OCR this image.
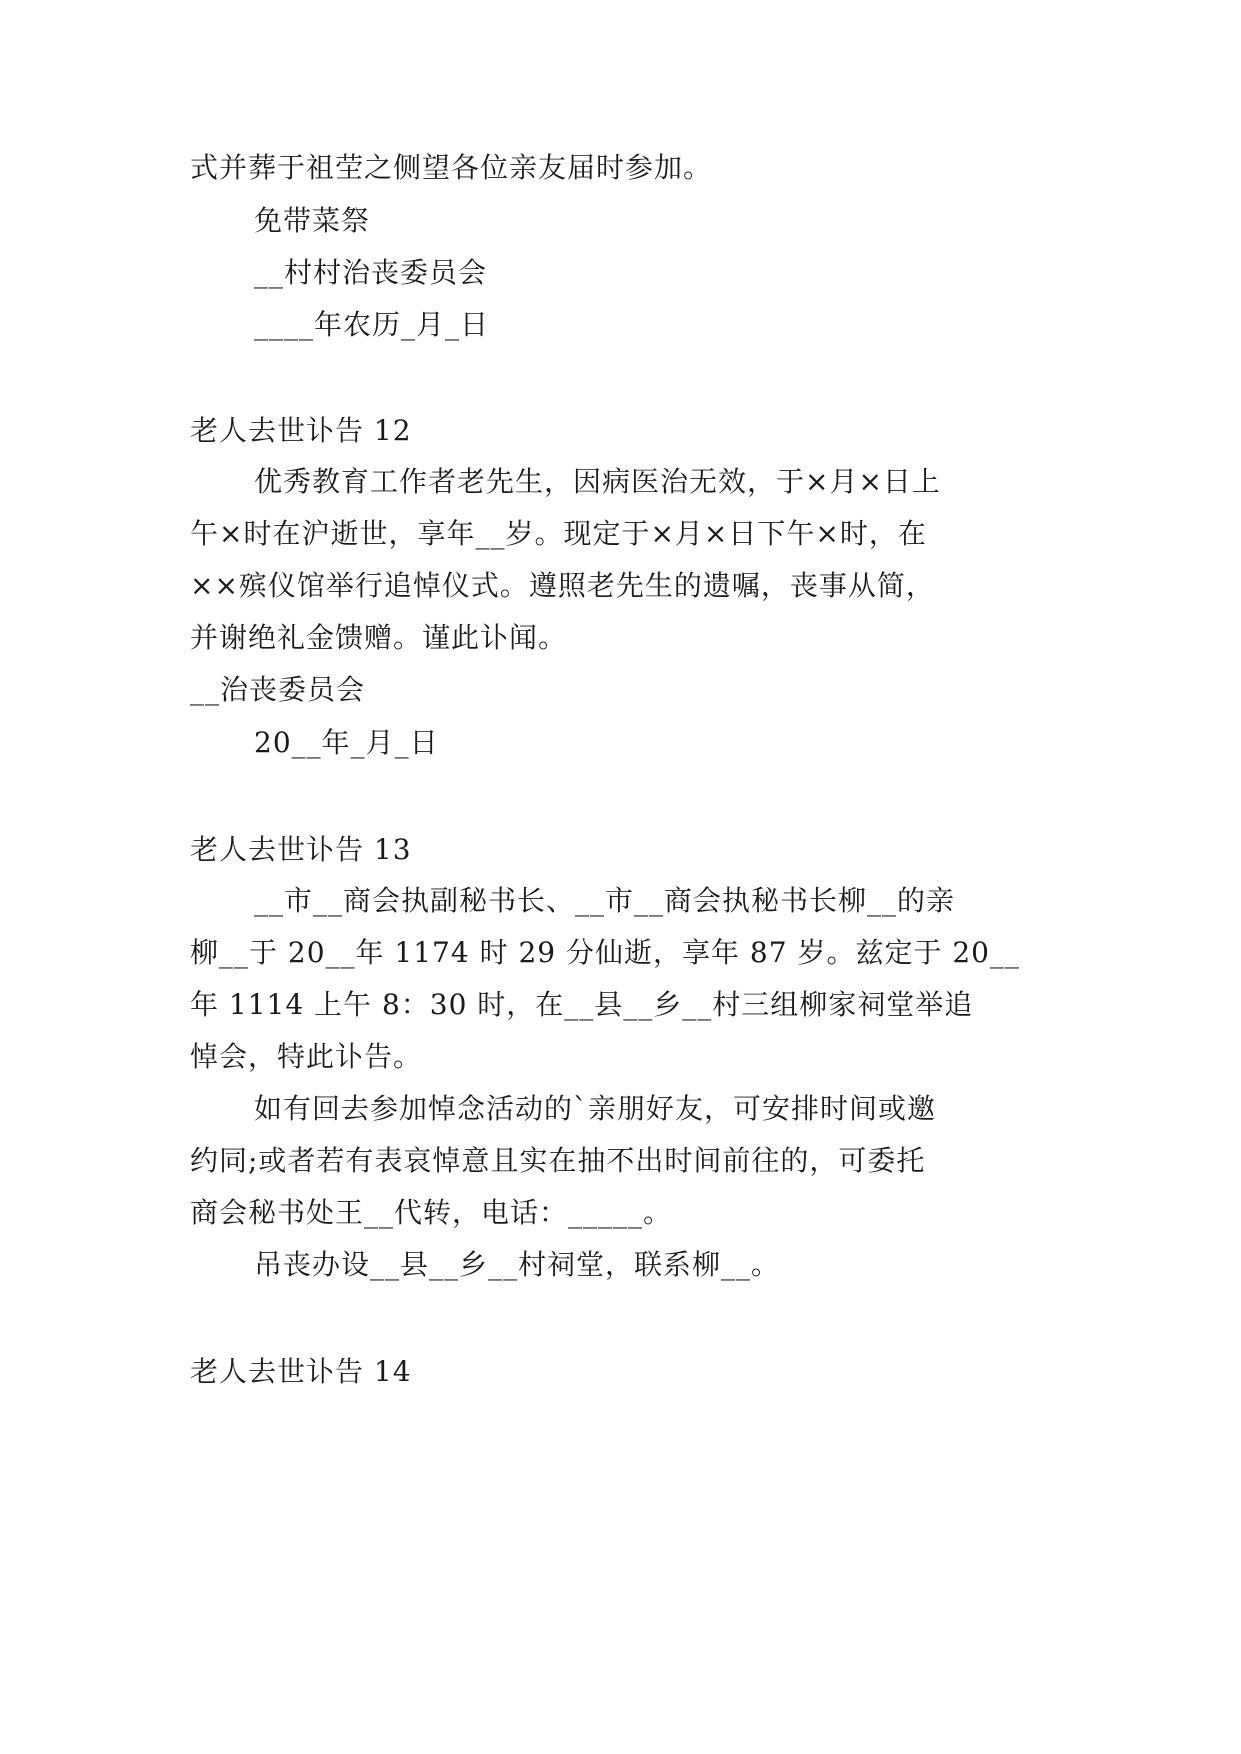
式并葬于祖茔之侧望各位亲友届时参加。
免带菜祭
__村村治丧委员会
____年农历_月_日
老人去世讣告 12
优秀教育工作者老先生，因病医治无效，于×月×日上
午×时在沪逝世，享年__岁。现定于×月×日下午×时，在
××殡仪馆举行追悼仪式。遵照老先生的遗嘱，丧事从简，
并谢绝礼金馈赠。谨此讣闻。
__治丧委员会
20__年_月_日
老人去世讣告 13
__市__商会执副秘书长、__市__商会执秘书长柳__的亲
柳__于 20__年 1174 时 29 分仙逝，享年 87 岁。兹定于 20__
年 1114 上午 8：30 时，在__县__乡__村三组柳家祠堂举追
悼会，特此讣告。
如有回去参加悼念活动的`亲朋好友，可安排时间或邀
约同;或者若有表哀悼意且实在抽不出时间前往的，可委托
商会秘书处王__代转，电话：_____。
吊丧办设__县__乡__村祠堂，联系柳__。
老人去世讣告 14
